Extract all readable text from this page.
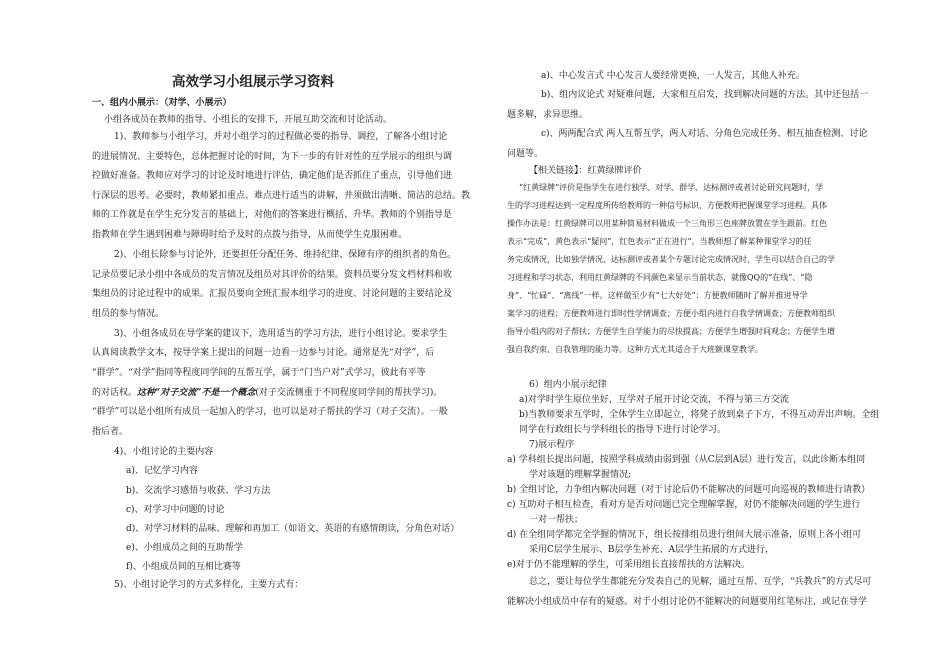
高效学习小组展示学习资料
一、组内小展示：（对学、小展示）
小组各成员在教师的指导、小组长的安排下，开展互助交流和讨论活动。
1)、教师参与小组学习，并对小组学习的过程做必要的指导、调控，了解各小组讨论
的进展情况、主要特色，总体把握讨论的时间，为下一步的有针对性的互学展示的组织与调
控做好准备。教师应对学习的讨论及时地进行评估，确定他们是否抓住了重点，引导他们进
行深层的思考。必要时，教师紧扣重点、难点进行适当的讲解，并须做出清晰、简洁的总结。教
师的工作就是在学生充分发言的基础上，对他们的答案进行概括、升华。教师的个别指导是
指教师在学生遇到困难与障碍时给予及时的点拨与指导，从而使学生克服困难。
2)、小组长除参与讨论外，还要担任分配任务、维持纪律、保障有序的组织者的角色。
记录员要记录小组中各成员的发言情况及组员对其评价的结果。资料员要分发文档材料和收
集组员的讨论过程中的成果。汇报员要向全班汇报本组学习的进度、讨论问题的主要结论及
组员的参与情况。
3)、小组各成员在导学案的建议下，选用适当的学习方法，进行小组讨论。要求学生
认真阅读教学文本，按导学案上提出的问题一边看一边参与讨论。通常是先“对学”，后
“群学”。“对学”指同等程度同学间的互帮互学，属于“门当户对”式学习，彼此有平等
的对话权。这种“对子交流”不是一个概念(对子交流侧重于不同程度同学间的帮扶学习)。
“群学”可以是小组所有成员一起加入的学习，也可以是对子帮扶的学习（对子交流）。一般
指后者。
4)、小组讨论的主要内容
a)、记忆学习内容
b)、交流学习感悟与收获、学习方法
c)、对学习中问题的讨论
d)、对学习材料的品味、理解和再加工（如语文、英语的有感情朗读，分角色对话）
e)、小组成员之间的互助帮学
f)、小组成员间的互相比赛等
5)、小组讨论学习的方式多样化，主要方式有：
a)、中心发言式 中心发言人要经常更换，一人发言，其他人补充。
b)、组内议论式 对疑难问题，大家相互启发，找到解决问题的方法。其中还包括一
题多解，求异思维。
c)、两两配合式 两人互帮互学，两人对话、分角色完成任务、相互抽查检测、讨论
问题等。
【相关链接】：红黄绿牌评价
“红黄绿牌”评价是指学生在进行独学、对学、群学、达标测评或者讨论研究问题时，学
生的学习进程达到一定程度所传给教师的一种信号标识，方便教师把握课堂学习进程。具体
操作办法是：红黄绿牌可以用某种简易材料做成一个三角形三色座牌放置在学生跟前。红色
表示“完成”，黄色表示“疑问”，红色表示“正在进行”。当教师想了解某种课堂学习的任
务完成情况，比如独学情况、达标测评或者某个专题讨论完成情况时，学生可以结合自己的学
习进程和学习状态，利用红黄绿牌的不同颜色来显示当前状态，就像QQ的“在线”、“隐
身”、“忙碌”、“离线”一样。这样做至少有“七大好处”：方便教师随时了解并推进导学
案学习的进程；方便教师进行即时性学情调查；方便小组内进行自我学情调查；方便教师组织
指导小组内的对子帮扶；方便学生自学能力的尽快提高；方便学生增强时间观念；方便学生增
强自我约束、自我管理的能力等。这种方式尤其适合于大班额课堂教学。
6）组内小展示纪律
a)对学时学生原位坐好，互学对子展开讨论交流，不得与第三方交流
b)当教师要求互学时，全体学生立即起立，将凳子放到桌子下方，不得互动弄出声响。全组
同学在行政组长与学科组长的指导下进行讨论学习。
7)展示程序
a) 学科组长提出问题，按照学科成绩由弱到强（从C层到A层）进行发言，以此诊断本组同
学对该题的理解掌握情况;
b) 全组讨论，力争组内解决问题（对于讨论后仍不能解决的问题可向巡视的教师进行请教）
c) 互助对子相互检查，看对方是否对问题已完全理解掌握，对仍不能解决问题的学生进行
一对一帮扶；
d) 在全组同学都完全学握的情况下，组长按排组员进行组间大展示准备，原则上各小组可
采用C层学生展示、B层学生补充、A层学生拓展的方式进行，
e)对于仍不能理解的学生，可采用组长直接帮扶的方法解决。
总之，要让每位学生都能充分发表自己的见解，通过互帮、互学，“兵教兵”的方式尽可
能解决小组成员中存有的疑惑。对于小组讨论仍不能解决的问题要用红笔标注，或记在导学
